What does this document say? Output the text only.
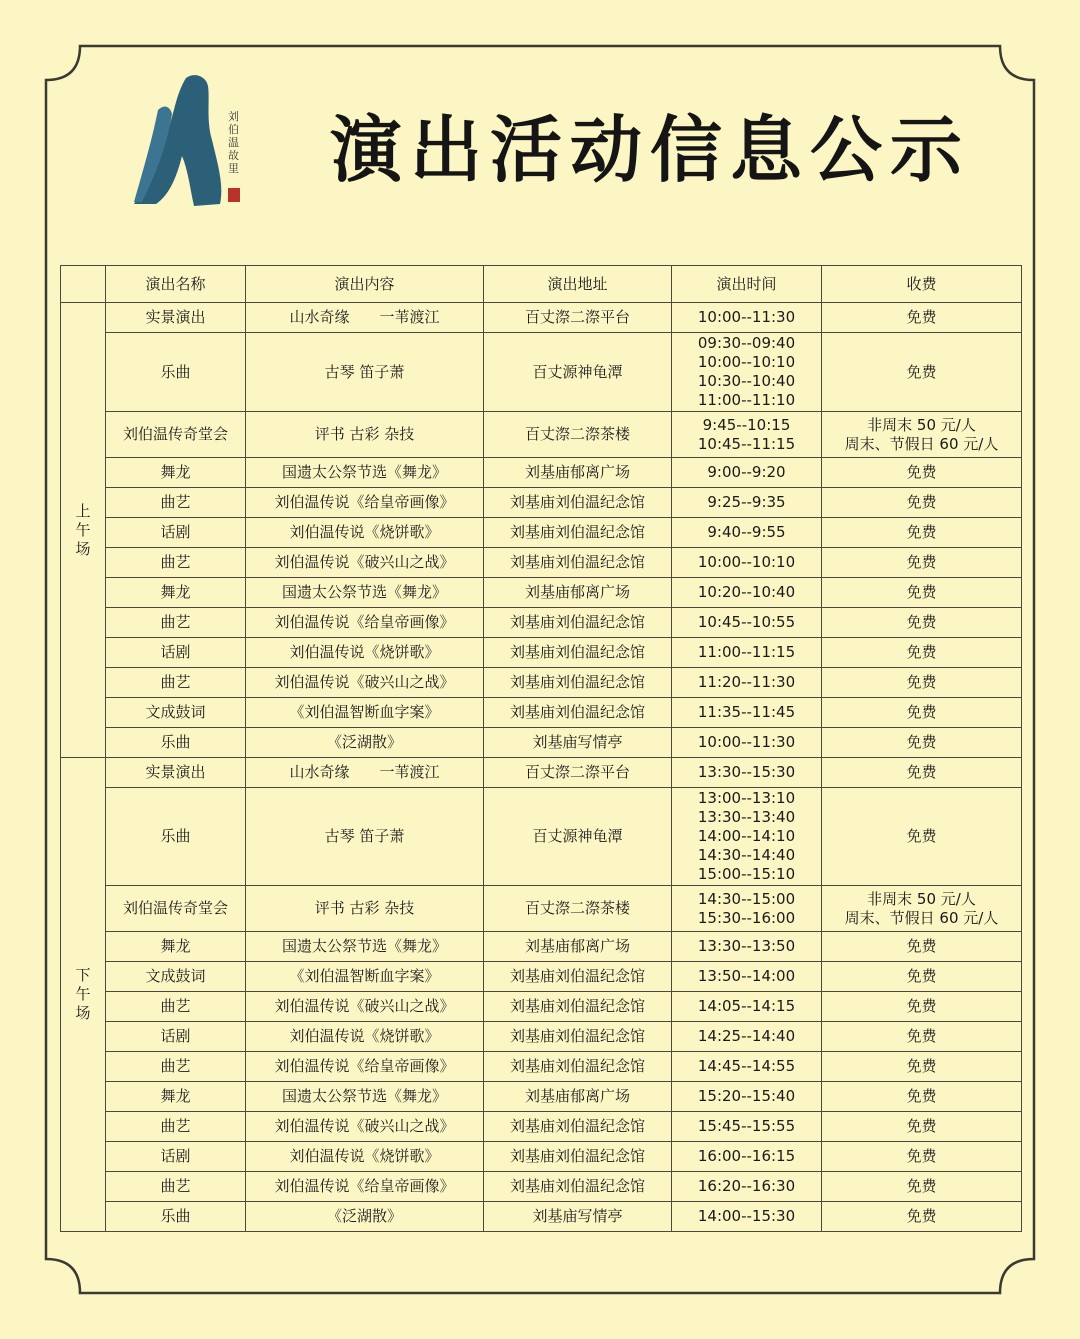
刘伯温故里 演出活动信息公示
	演出名称	演出内容	演出地址	演出时间	收费

上
午
场	实景演出	山水奇缘　　一苇渡江	百丈漈二漈平台	10:00--11:30	免费

	乐曲	古琴 笛子萧	百丈源神龟潭	09:30--09:40
10:00--10:10
10:30--10:40
11:00--11:10	免费

	刘伯温传奇堂会	评书 古彩 杂技	百丈漈二漈茶楼	9:45--10:15
10:45--11:15	非周末 50 元/人
周末、节假日 60 元/人

	舞龙	国遗太公祭节选《舞龙》	刘基庙郁离广场	9:00--9:20	免费

	曲艺	刘伯温传说《给皇帝画像》	刘基庙刘伯温纪念馆	9:25--9:35	免费

	话剧	刘伯温传说《烧饼歌》	刘基庙刘伯温纪念馆	9:40--9:55	免费

	曲艺	刘伯温传说《破兴山之战》	刘基庙刘伯温纪念馆	10:00--10:10	免费

	舞龙	国遗太公祭节选《舞龙》	刘基庙郁离广场	10:20--10:40	免费

	曲艺	刘伯温传说《给皇帝画像》	刘基庙刘伯温纪念馆	10:45--10:55	免费

	话剧	刘伯温传说《烧饼歌》	刘基庙刘伯温纪念馆	11:00--11:15	免费

	曲艺	刘伯温传说《破兴山之战》	刘基庙刘伯温纪念馆	11:20--11:30	免费

	文成鼓词	《刘伯温智断血字案》	刘基庙刘伯温纪念馆	11:35--11:45	免费

	乐曲	《泛湖散》	刘基庙写情亭	10:00--11:30	免费

下
午
场	实景演出	山水奇缘　　一苇渡江	百丈漈二漈平台	13:30--15:30	免费

	乐曲	古琴 笛子萧	百丈源神龟潭	13:00--13:10
13:30--13:40
14:00--14:10
14:30--14:40
15:00--15:10	免费

	刘伯温传奇堂会	评书 古彩 杂技	百丈漈二漈茶楼	14:30--15:00
15:30--16:00	非周末 50 元/人
周末、节假日 60 元/人

	舞龙	国遗太公祭节选《舞龙》	刘基庙郁离广场	13:30--13:50	免费

	文成鼓词	《刘伯温智断血字案》	刘基庙刘伯温纪念馆	13:50--14:00	免费

	曲艺	刘伯温传说《破兴山之战》	刘基庙刘伯温纪念馆	14:05--14:15	免费

	话剧	刘伯温传说《烧饼歌》	刘基庙刘伯温纪念馆	14:25--14:40	免费

	曲艺	刘伯温传说《给皇帝画像》	刘基庙刘伯温纪念馆	14:45--14:55	免费

	舞龙	国遗太公祭节选《舞龙》	刘基庙郁离广场	15:20--15:40	免费

	曲艺	刘伯温传说《破兴山之战》	刘基庙刘伯温纪念馆	15:45--15:55	免费

	话剧	刘伯温传说《烧饼歌》	刘基庙刘伯温纪念馆	16:00--16:15	免费

	曲艺	刘伯温传说《给皇帝画像》	刘基庙刘伯温纪念馆	16:20--16:30	免费

	乐曲	《泛湖散》	刘基庙写情亭	14:00--15:30	免费
